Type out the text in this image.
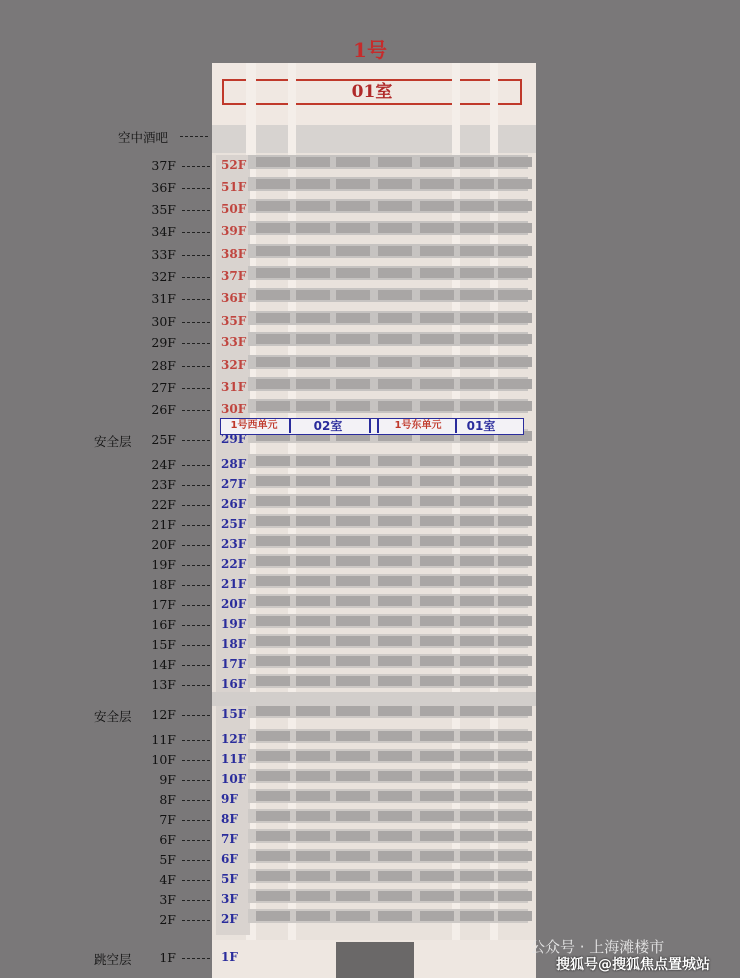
1号
01室
1号西单元	02室	1号东单元	01室
空中酒吧
37F	52F
36F	51F
35F	50F
34F	39F
33F	38F
32F	37F
31F	36F
30F	35F
29F	33F
28F	32F
27F	31F
26F	30F
25F	29F
安全层
24F	28F
23F	27F
22F	26F
21F	25F
20F	23F
19F	22F
18F	21F
17F	20F
16F	19F
15F	18F
14F	17F
13F	16F
12F	15F
安全层
11F	12F
10F	11F
9F	10F
8F	9F
7F	8F
6F	7F
5F	6F
4F	5F
3F	3F
2F	2F
1F	1F
跳空层
公众号 · 上海滩楼市
搜狐号@搜狐焦点置城站
